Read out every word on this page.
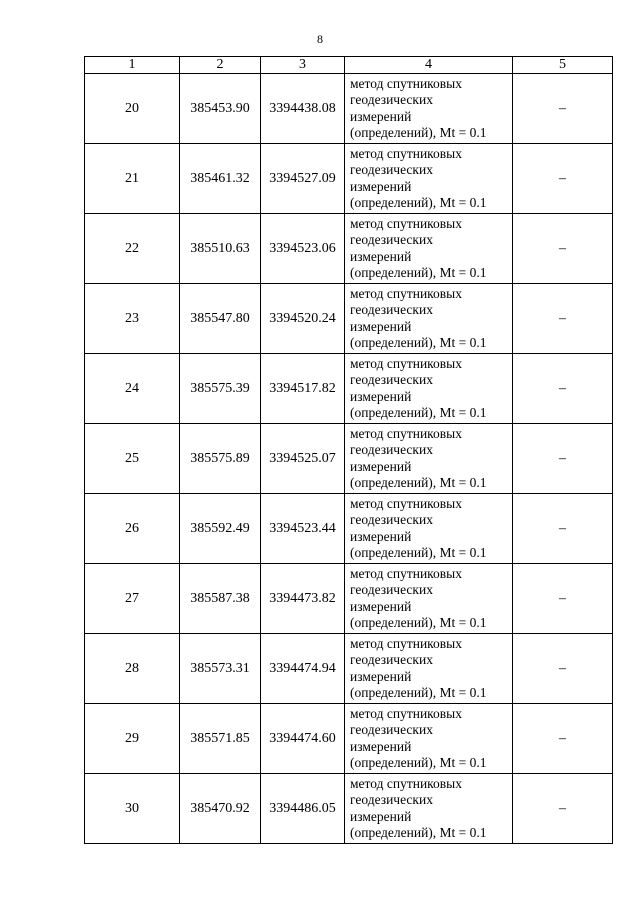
8
1	2	3	4	5
20	385453.90	3394438.08	метод спутниковых
геодезических
измерений
(определений), Mt = 0.1	–
21	385461.32	3394527.09	метод спутниковых
геодезических
измерений
(определений), Mt = 0.1	–
22	385510.63	3394523.06	метод спутниковых
геодезических
измерений
(определений), Mt = 0.1	–
23	385547.80	3394520.24	метод спутниковых
геодезических
измерений
(определений), Mt = 0.1	–
24	385575.39	3394517.82	метод спутниковых
геодезических
измерений
(определений), Mt = 0.1	–
25	385575.89	3394525.07	метод спутниковых
геодезических
измерений
(определений), Mt = 0.1	–
26	385592.49	3394523.44	метод спутниковых
геодезических
измерений
(определений), Mt = 0.1	–
27	385587.38	3394473.82	метод спутниковых
геодезических
измерений
(определений), Mt = 0.1	–
28	385573.31	3394474.94	метод спутниковых
геодезических
измерений
(определений), Mt = 0.1	–
29	385571.85	3394474.60	метод спутниковых
геодезических
измерений
(определений), Mt = 0.1	–
30	385470.92	3394486.05	метод спутниковых
геодезических
измерений
(определений), Mt = 0.1	–
